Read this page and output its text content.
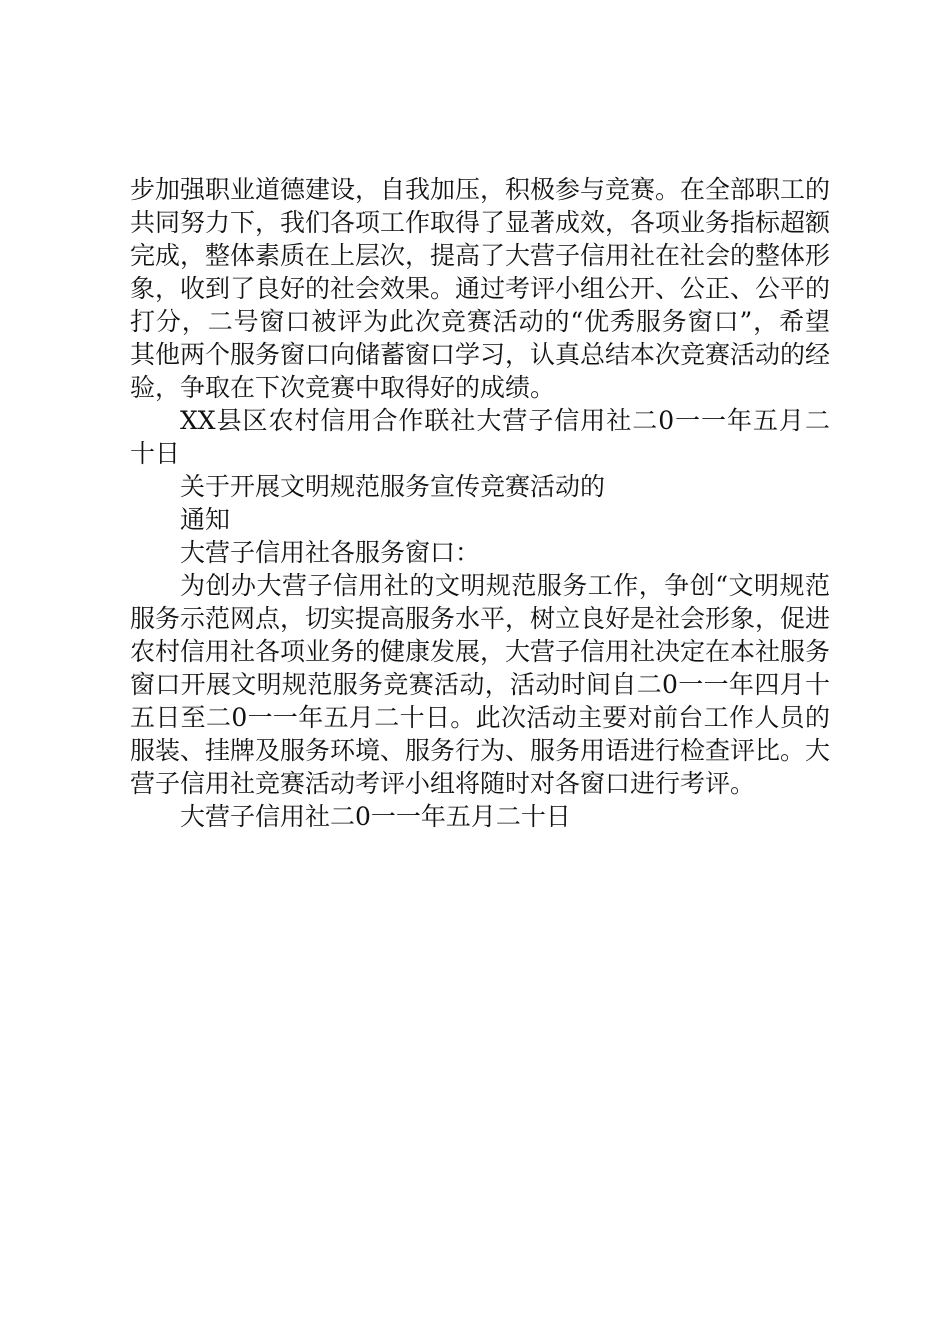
步加强职业道德建设，自我加压，积极参与竞赛。在全部职工的共同努力下，我们各项工作取得了显著成效，各项业务指标超额完成，整体素质在上层次，提高了大营子信用社在社会的整体形象，收到了良好的社会效果。通过考评小组公开、公正、公平的打分，二号窗口被评为此次竞赛活动的“优秀服务窗口”，希望其他两个服务窗口向储蓄窗口学习，认真总结本次竞赛活动的经验，争取在下次竞赛中取得好的成绩。

XX县区农村信用合作联社大营子信用社二0一一年五月二十日

关于开展文明规范服务宣传竞赛活动的

通知

大营子信用社各服务窗口：

为创办大营子信用社的文明规范服务工作，争创“文明规范服务示范网点，切实提高服务水平，树立良好是社会形象，促进农村信用社各项业务的健康发展，大营子信用社决定在本社服务窗口开展文明规范服务竞赛活动，活动时间自二0一一年四月十五日至二0一一年五月二十日。此次活动主要对前台工作人员的服装、挂牌及服务环境、服务行为、服务用语进行检查评比。大营子信用社竞赛活动考评小组将随时对各窗口进行考评。

大营子信用社二0一一年五月二十日
